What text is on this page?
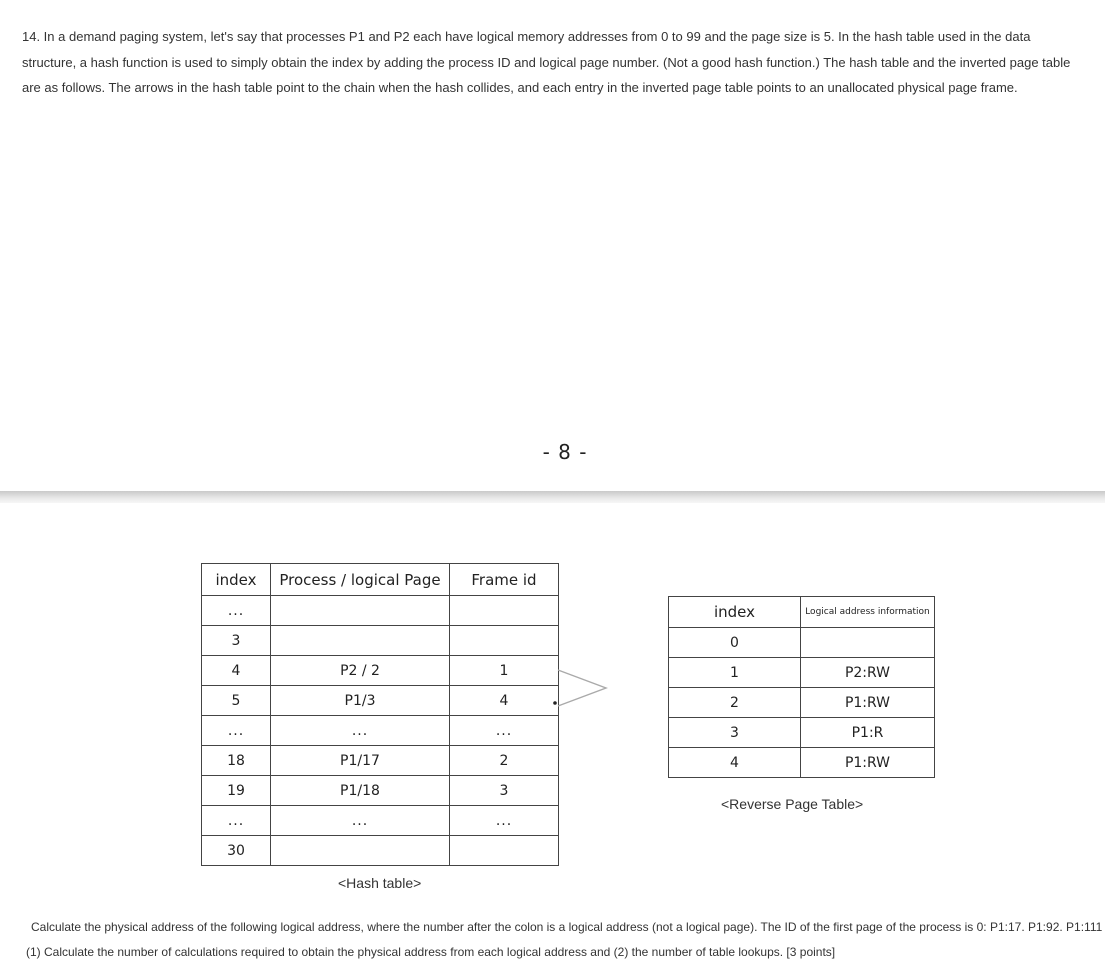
14. In a demand paging system, let's say that processes P1 and P2 each have logical memory addresses from 0 to 99 and the page size is 5. In the hash table used in the data structure, a hash function is used to simply obtain the index by adding the process ID and logical page number. (Not a good hash function.) The hash table and the inverted page table are as follows. The arrows in the hash table point to the chain when the hash collides, and each entry in the inverted page table points to an unallocated physical page frame.

- 8 -
index	Process / logical Page	Frame id
...		
3		
4	P2 / 2	1
5	P1/3	4
...	...	...
18	P1/17	2
19	P1/18	3
...	...	...
30		
<Hash table>
index	Logical address information
0	
1	P2:RW
2	P1:RW
3	P1:R
4	P1:RW
<Reverse Page Table>

Calculate the physical address of the following logical address, where the number after the colon is a logical address (not a logical page). The ID of the first page of the process is 0: P1:17. P1:92. P1:111

(1) Calculate the number of calculations required to obtain the physical address from each logical address and (2) the number of table lookups. [3 points]
